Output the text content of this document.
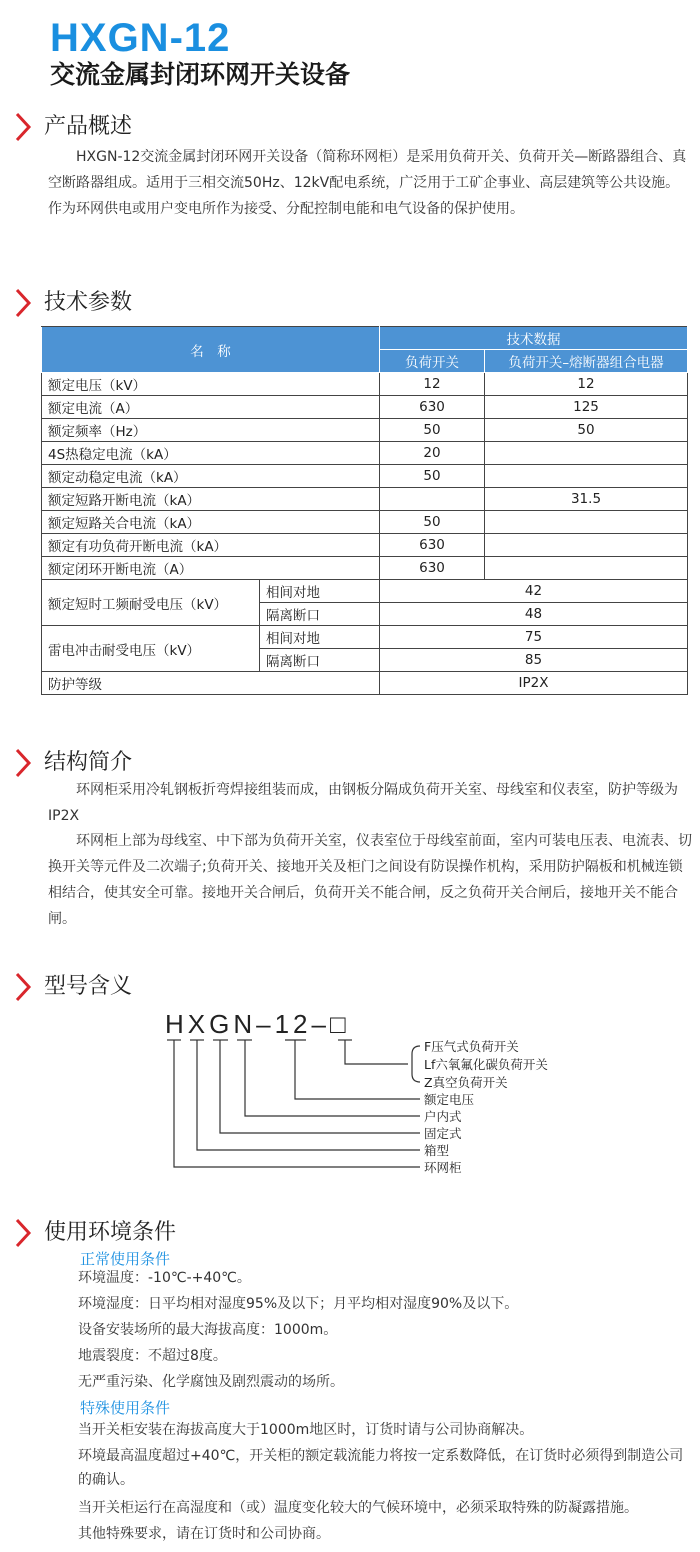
HXGN-12
交流金属封闭环网开关设备
产品概述
HXGN-12交流金属封闭环网开关设备（简称环网柜）是采用负荷开关、负荷开关—断路器组合、真空断路器组成。适用于三相交流50Hz、12kV配电系统，广泛用于工矿企事业、高层建筑等公共设施。作为环网供电或用户变电所作为接受、分配控制电能和电气设备的保护使用。
技术参数
名　称		技术数据	
		负荷开关	负荷开关–熔断器组合电器
额定电压（kV）		12	12
额定电流（A）		630	125
额定频率（Hz）		50	50
4S热稳定电流（kA）		20	
额定动稳定电流（kA）		50	
额定短路开断电流（kA）			31.5
额定短路关合电流（kA）		50	
额定有功负荷开断电流（kA）		630	
额定闭环开断电流（A）		630	
额定短时工频耐受电压（kV）	相间对地	42	
	隔离断口	48	
雷电冲击耐受电压（kV）	相间对地	75	
	隔离断口	85	
防护等级		IP2X	
结构简介
环网柜采用冷轧钢板折弯焊接组装而成，由钢板分隔成负荷开关室、母线室和仪表室，防护等级为IP2X
环网柜上部为母线室、中下部为负荷开关室，仪表室位于母线室前面，室内可装电压表、电流表、切换开关等元件及二次端子;负荷开关、接地开关及柜门之间设有防误操作机构，采用防护隔板和机械连锁相结合，使其安全可靠。接地开关合闸后，负荷开关不能合闸，反之负荷开关合闸后，接地开关不能合闸。
型号含义
HXGN–12–□
F压气式负荷开关
Lf六氧氟化碳负荷开关
Z真空负荷开关
额定电压
户内式
固定式
箱型
环网柜
使用环境条件
正常使用条件
环境温度：-10℃-+40℃。
环境湿度：日平均相对湿度95%及以下；月平均相对湿度90%及以下。
设备安装场所的最大海拔高度：1000m。
地震裂度：不超过8度。
无严重污染、化学腐蚀及剧烈震动的场所。
特殊使用条件
当开关柜安装在海拔高度大于1000m地区时，订货时请与公司协商解决。
环境最高温度超过+40℃，开关柜的额定载流能力将按一定系数降低，在订货时必须得到制造公司的确认。
当开关柜运行在高湿度和（或）温度变化较大的气候环境中，必须采取特殊的防凝露措施。
其他特殊要求，请在订货时和公司协商。
